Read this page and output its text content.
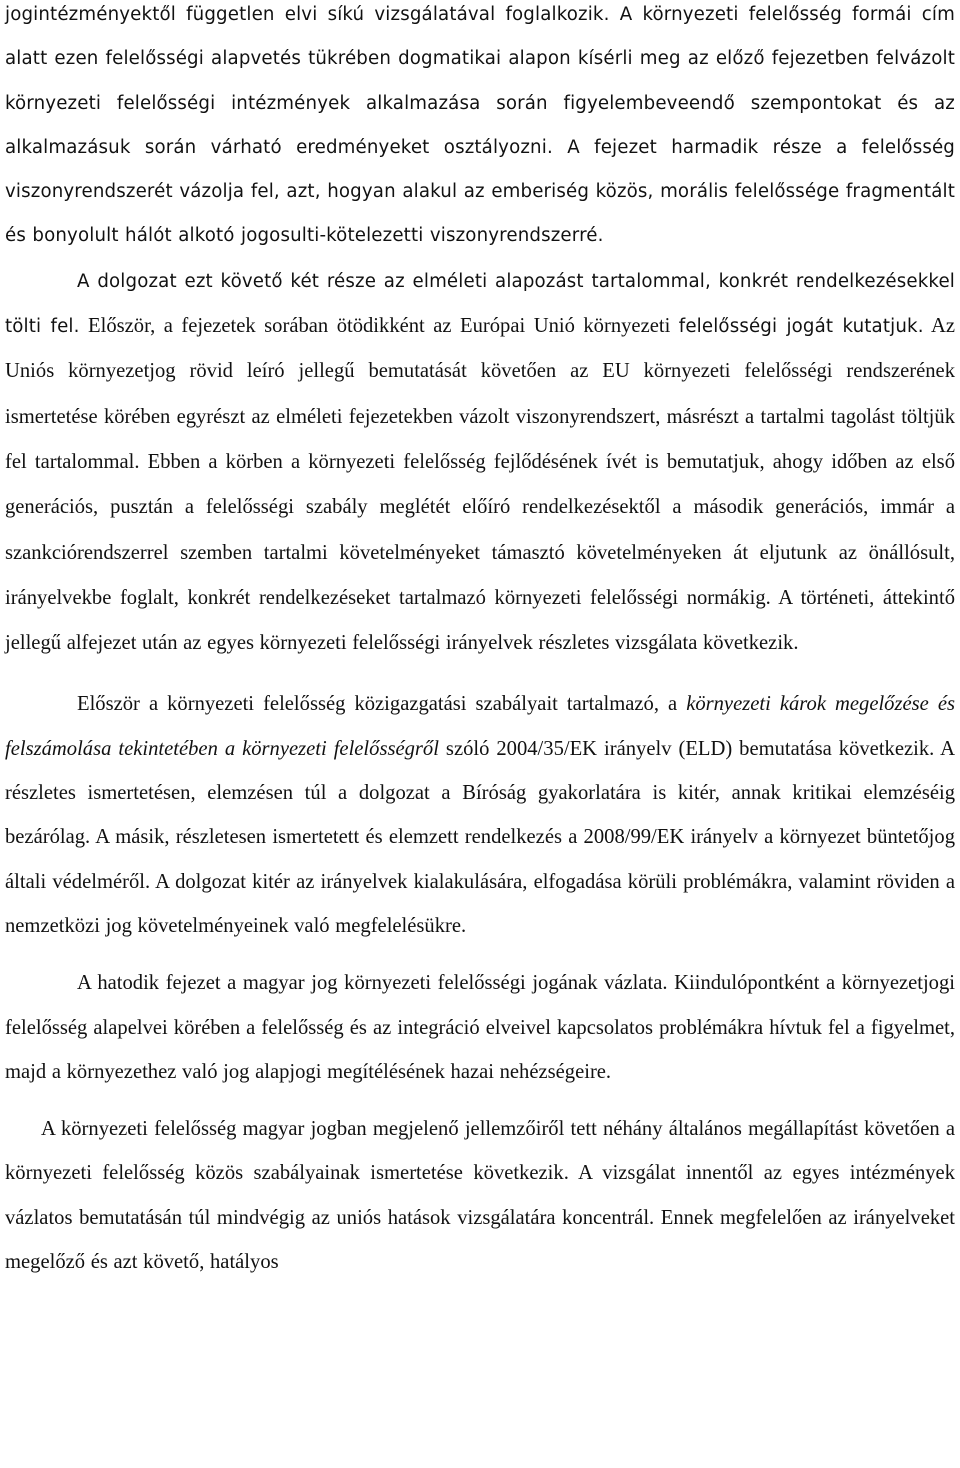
jogintézményektől független elvi síkú vizsgálatával foglalkozik. A környezeti felelősség formái cím alatt ezen felelősségi alapvetés tükrében dogmatikai alapon kísérli meg az előző fejezetben felvázolt környezeti felelősségi intézmények alkalmazása során figyelembeveendő szempontokat és az alkalmazásuk során várható eredményeket osztályozni. A fejezet harmadik része a felelősség viszonyrendszerét vázolja fel, azt, hogyan alakul az emberiség közös, morális felelőssége fragmentált és bonyolult hálót alkotó jogosulti-kötelezetti viszonyrendszerré.

A dolgozat ezt követő két része az elméleti alapozást tartalommal, konkrét rendelkezésekkel tölti fel. Először, a fejezetek sorában ötödikként az Európai Unió környezeti felelősségi jogát kutatjuk. Az Uniós környezetjog rövid leíró jellegű bemutatását követően az EU környezeti felelősségi rendszerének ismertetése körében egyrészt az elméleti fejezetekben vázolt viszonyrendszert, másrészt a tartalmi tagolást töltjük fel tartalommal. Ebben a körben a környezeti felelősség fejlődésének ívét is bemutatjuk, ahogy időben az első generációs, pusztán a felelősségi szabály meglétét előíró rendelkezésektől a második generációs, immár a szankciórendszerrel szemben tartalmi követelményeket támasztó követelményeken át eljutunk az önállósult, irányelvekbe foglalt, konkrét rendelkezéseket tartalmazó környezeti felelősségi normákig. A történeti, áttekintő jellegű alfejezet után az egyes környezeti felelősségi irányelvek részletes vizsgálata következik.

Először a környezeti felelősség közigazgatási szabályait tartalmazó, a környezeti károk megelőzése és felszámolása tekintetében a környezeti felelősségről szóló 2004/35/EK irányelv (ELD) bemutatása következik. A részletes ismertetésen, elemzésen túl a dolgozat a Bíróság gyakorlatára is kitér, annak kritikai elemzéséig bezárólag. A másik, részletesen ismertetett és elemzett rendelkezés a 2008/99/EK irányelv a környezet büntetőjog általi védelméről. A dolgozat kitér az irányelvek kialakulására, elfogadása körüli problémákra, valamint röviden a nemzetközi jog követelményeinek való megfelelésükre.

A hatodik fejezet a magyar jog környezeti felelősségi jogának vázlata. Kiindulópontként a környezetjogi felelősség alapelvei körében a felelősség és az integráció elveivel kapcsolatos problémákra hívtuk fel a figyelmet, majd a környezethez való jog alapjogi megítélésének hazai nehézségeire.

A környezeti felelősség magyar jogban megjelenő jellemzőiről tett néhány általános megállapítást követően a környezeti felelősség közös szabályainak ismertetése következik. A vizsgálat innentől az egyes intézmények vázlatos bemutatásán túl mindvégig az uniós hatások vizsgálatára koncentrál. Ennek megfelelően az irányelveket megelőző és azt követő, hatályos
